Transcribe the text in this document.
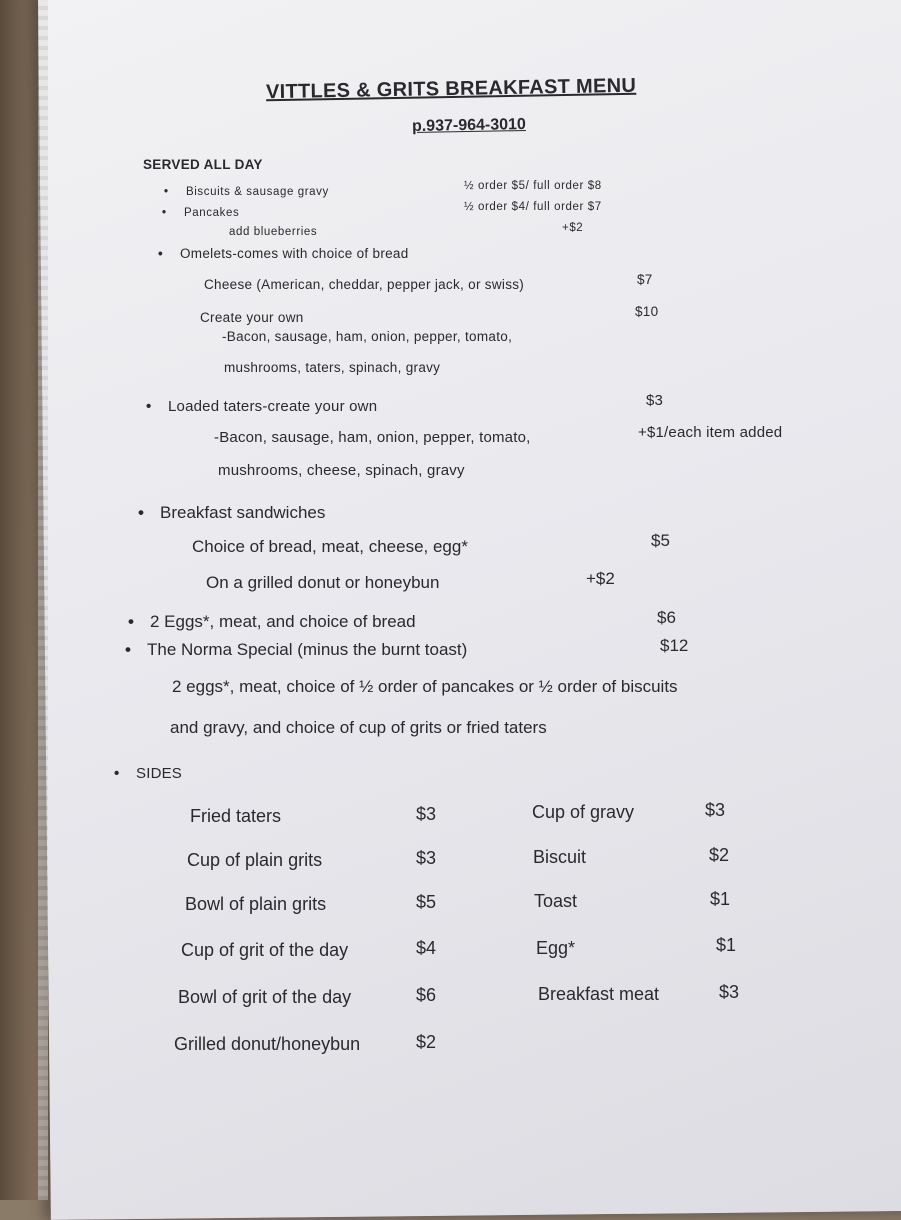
VITTLES & GRITS BREAKFAST MENU
p.937-964-3010
SERVED ALL DAY
• Biscuits & sausage gravy	½ order $5/ full order $8
• Pancakes	½ order $4/ full order $7
add blueberries	+$2
• Omelets-comes with choice of bread
Cheese (American, cheddar, pepper jack, or swiss)	$7
Create your own	$10
-Bacon, sausage, ham, onion, pepper, tomato,
mushrooms, taters, spinach, gravy
• Loaded taters-create your own	$3
-Bacon, sausage, ham, onion, pepper, tomato,	+$1/each item added
mushrooms, cheese, spinach, gravy
• Breakfast sandwiches
Choice of bread, meat, cheese, egg*	$5
On a grilled donut or honeybun	+$2
• 2 Eggs*, meat, and choice of bread	$6
• The Norma Special (minus the burnt toast)	$12
2 eggs*, meat, choice of ½ order of pancakes or ½ order of biscuits
and gravy, and choice of cup of grits or fried taters
• SIDES
Fried taters	$3
Cup of plain grits	$3
Bowl of plain grits	$5
Cup of grit of the day	$4
Bowl of grit of the day	$6
Grilled donut/honeybun	$2
Cup of gravy	$3
Biscuit	$2
Toast	$1
Egg*	$1
Breakfast meat	$3
